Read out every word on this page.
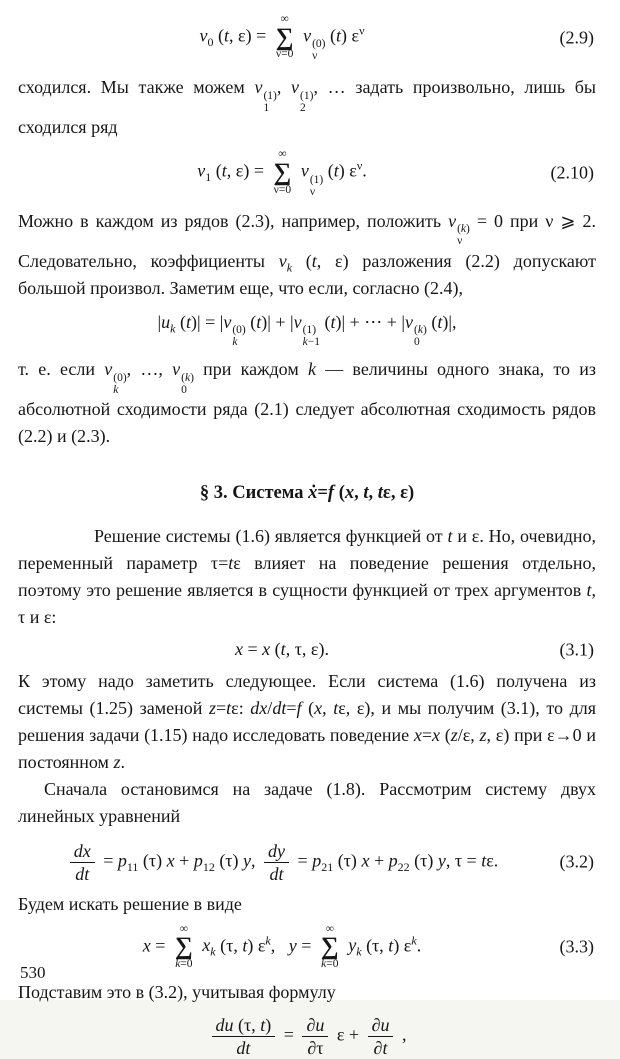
$v_0$ (t, ε) =
∞
∑
ν=0
v (0)
ν
(t) $\varepsilon^\nu$	(2.9)

сходился. Мы также можем v (1)
1
, v (1)
2
, … задать произвольно, лишь бы сходился ряд

$v_1$ (t, ε) =
∞
∑
ν=0
v (1)
ν
(t) $\varepsilon^\nu$.	(2.10)

Можно в каждом из рядов (2.3), например, положить v (k)
ν
= 0 при ν ⩾ 2. Следовательно, коэффициенты $v_k$ (t, ε) разложения (2.2) допускают большой произвол. Заметим еще, что если, согласно (2.4),

$|u_k$ (t)| = |v (0)
k
(t)| + |v (1)
k−1
(t)| + ⋯ + |v (k)
0
(t)|,

т. е. если v (0)
k
, …, v (k)
0
при каждом k — величины одного знака, то из абсолютной сходимости ряда (2.1) следует абсолютная сходимость рядов (2.2) и (2.3).

§ 3. Система ẋ=f (x, t, tε, ε)

Решение системы (1.6) является функцией от t и ε. Но, очевидно, переменный параметр τ=tε влияет на поведение решения отдельно, поэтому это решение является в сущности функцией от трех аргументов t, τ и ε:

x = x (t, τ, ε).	(3.1)

К этому надо заметить следующее. Если система (1.6) получена из системы (1.25) заменой z=tε: dx/dt=f (x, tε, ε), и мы получим (3.1), то для решения задачи (1.15) надо исследовать поведение x=x (z/ε, z, ε) при ε→0 и постоянном z.

Сначала остановимся на задаче (1.8). Рассмотрим систему двух линейных уравнений

$\frac{dx}{dt} = p_{11}$ (τ) $x + p_{12}$ (τ) y, $\frac{dy}{dt} = p_{21}$ (τ) $x + p_{22}$ (τ) y, τ = tε.	(3.2)

Будем искать решение в виде

x =
∞
∑
k=0
$x_k$ (τ, t) $\varepsilon^k$,   y =
∞
∑
k=0
$y_k$ (τ, t) $\varepsilon^k$.	(3.3)

Подставим это в (3.2), учитывая формулу

$\frac{du (\tau, t)}{dt} = \frac{\partial u}{\partial\tau}$ $\varepsilon + \frac{\partial u}{\partial t}$ ,
530
